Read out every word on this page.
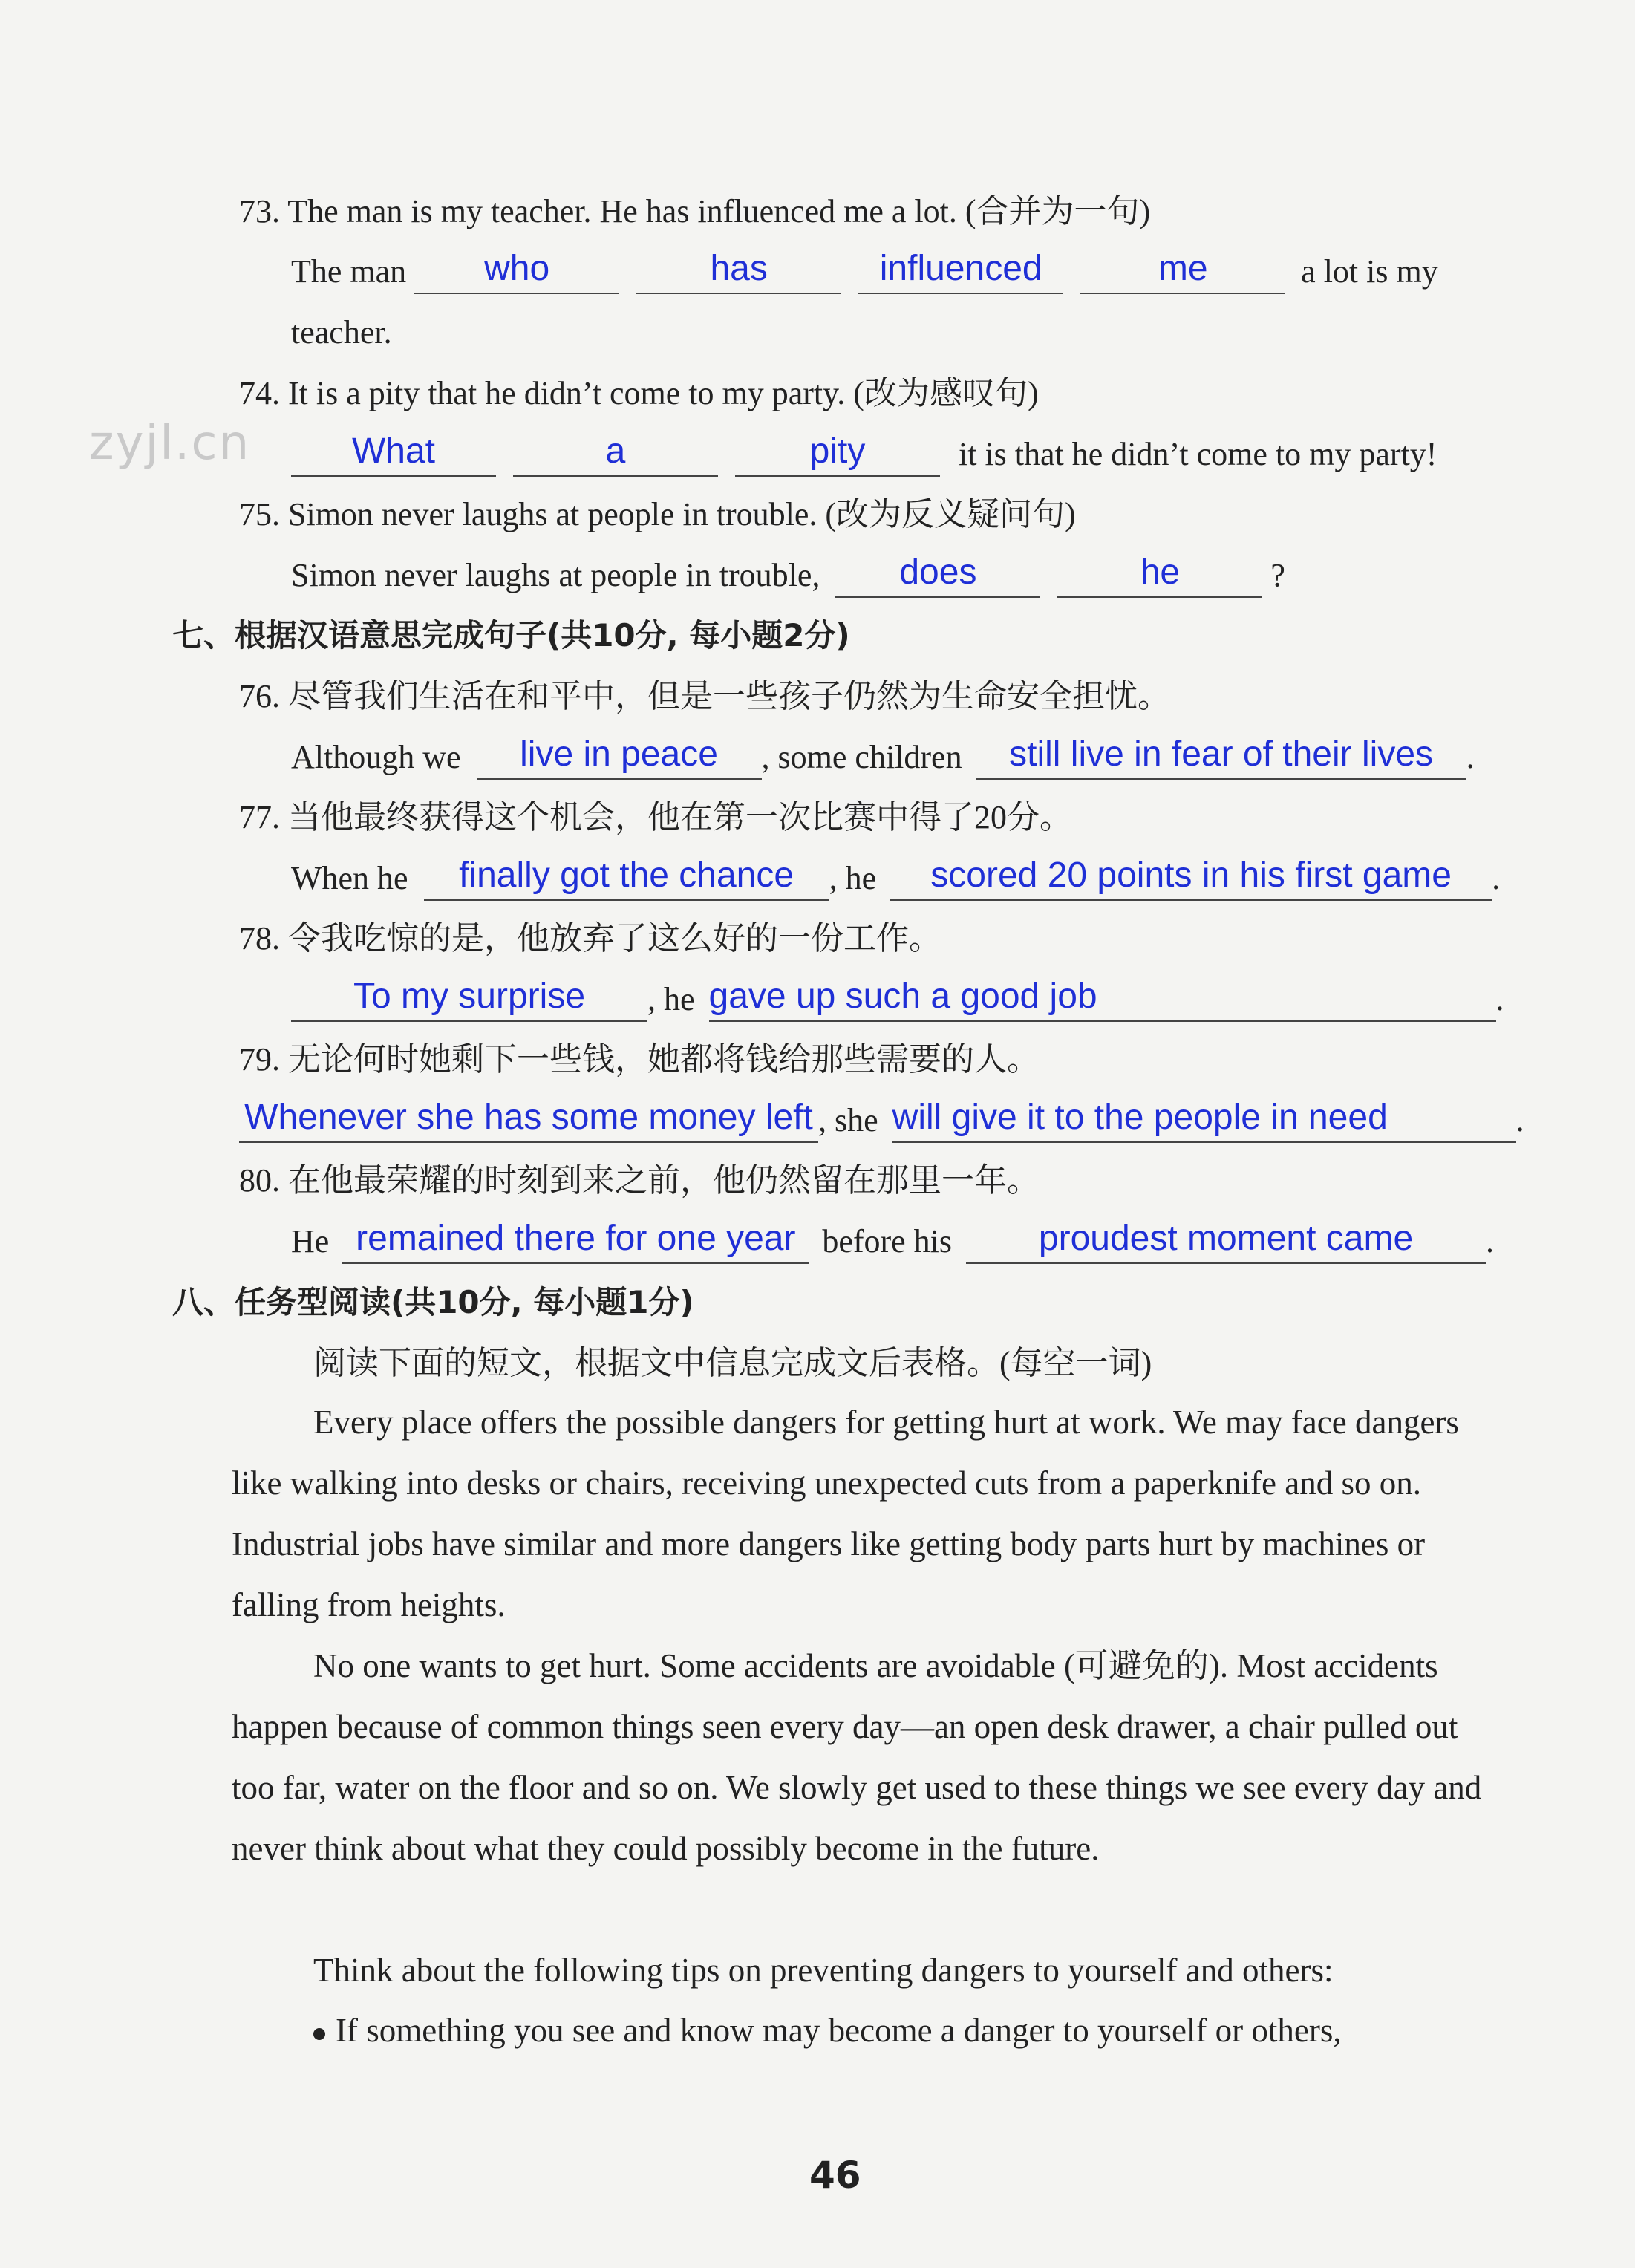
zyjl.cn
73. The man is my teacher. He has influenced me a lot. (合并为一句)
The man	who
	has
	influenced
	me	a lot is my
teacher.
74. It is a pity that he didn’t come to my party. (改为感叹句)
What
	a
	pity	it is that he didn’t come to my party!
75. Simon never laughs at people in trouble. (改为反义疑问句)
Simon never laughs at people in trouble,	does
	he	?
七、根据汉语意思完成句子(共10分, 每小题2分)
76. 尽管我们生活在和平中，但是一些孩子仍然为生命安全担忧。
Although we	live in peace	, some children	still live in fear of their lives	.
77. 当他最终获得这个机会，他在第一次比赛中得了20分。
When he	finally got the chance	, he	scored 20 points in his first game	.
78. 令我吃惊的是，他放弃了这么好的一份工作。
To my surprise	, he gave up such a good job	.
79. 无论何时她剩下一些钱，她都将钱给那些需要的人。
Whenever she has some money left , she will give it to the people in need	.
80. 在他最荣耀的时刻到来之前，他仍然留在那里一年。
He remained there for one year before his	proudest moment came	.
八、任务型阅读(共10分, 每小题1分)
阅读下面的短文，根据文中信息完成文后表格。(每空一词)
Every place offers the possible dangers for getting hurt at work. We may face dangers like walking into desks or chairs, receiving unexpected cuts from a paperknife and so on. Industrial jobs have similar and more dangers like getting body parts hurt by machines or falling from heights.
No one wants to get hurt. Some accidents are avoidable (可避免的). Most accidents happen because of common things seen every day—an open desk drawer, a chair pulled out too far, water on the floor and so on. We slowly get used to these things we see every day and never think about what they could possibly become in the future.
Think about the following tips on preventing dangers to yourself and others:
If something you see and know may become a danger to yourself or others,
46
